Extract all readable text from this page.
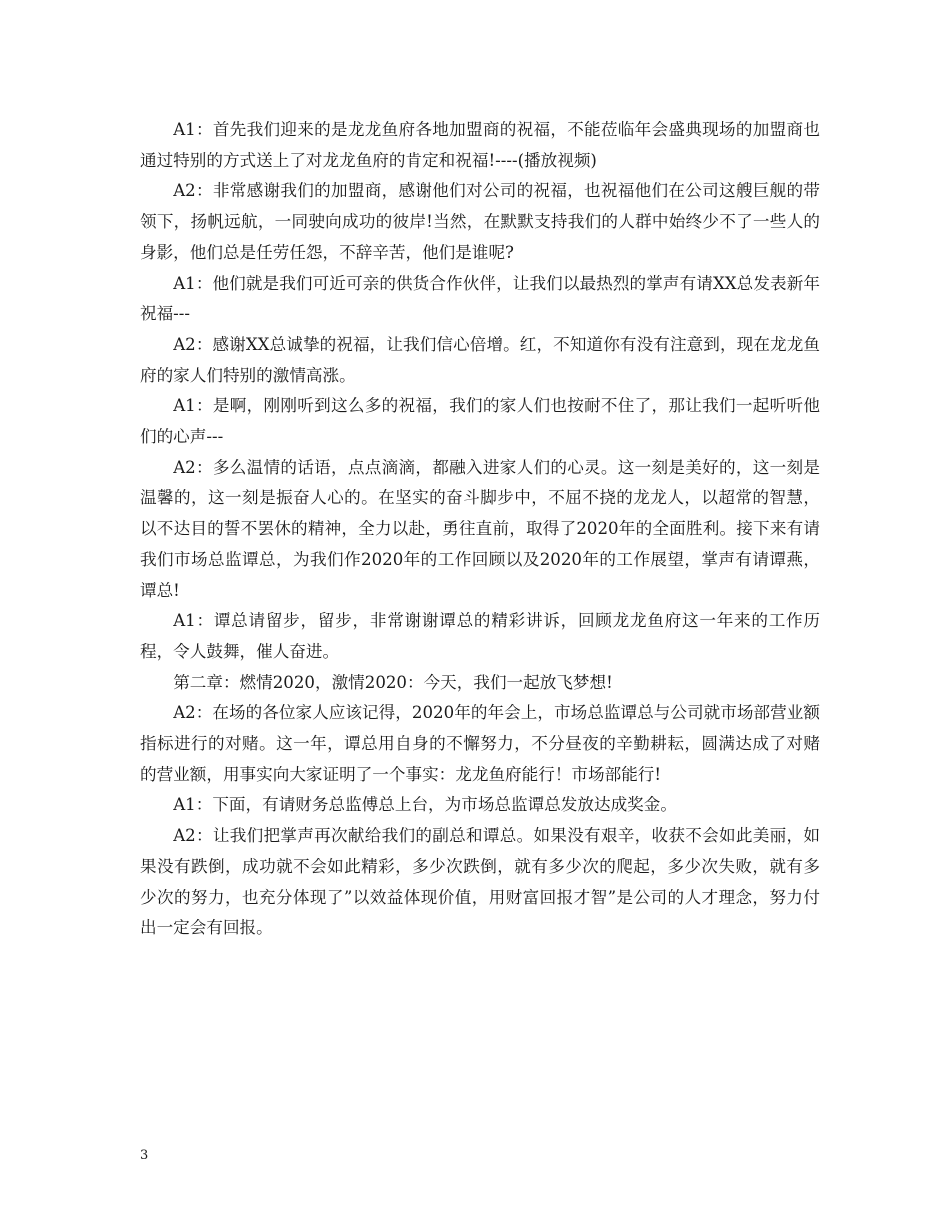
A1：首先我们迎来的是龙龙鱼府各地加盟商的祝福，不能莅临年会盛典现场的加盟商也通过特别的方式送上了对龙龙鱼府的肯定和祝福!----(播放视频)

A2：非常感谢我们的加盟商，感谢他们对公司的祝福，也祝福他们在公司这艘巨舰的带领下，扬帆远航，一同驶向成功的彼岸!当然，在默默支持我们的人群中始终少不了一些人的身影，他们总是任劳任怨，不辞辛苦，他们是谁呢?

A1：他们就是我们可近可亲的供货合作伙伴，让我们以最热烈的掌声有请XX总发表新年祝福---

A2：感谢XX总诚挚的祝福，让我们信心倍增。红，不知道你有没有注意到，现在龙龙鱼府的家人们特别的激情高涨。

A1：是啊，刚刚听到这么多的祝福，我们的家人们也按耐不住了，那让我们一起听听他们的心声---

A2：多么温情的话语，点点滴滴，都融入进家人们的心灵。这一刻是美好的，这一刻是温馨的，这一刻是振奋人心的。在坚实的奋斗脚步中，不屈不挠的龙龙人，以超常的智慧，以不达目的誓不罢休的精神，全力以赴，勇往直前，取得了2020年的全面胜利。接下来有请我们市场总监谭总，为我们作2020年的工作回顾以及2020年的工作展望，掌声有请谭燕，谭总!

A1：谭总请留步，留步，非常谢谢谭总的精彩讲诉，回顾龙龙鱼府这一年来的工作历程，令人鼓舞，催人奋进。

第二章：燃情2020，激情2020：今天，我们一起放飞梦想!

A2：在场的各位家人应该记得，2020年的年会上，市场总监谭总与公司就市场部营业额指标进行的对赌。这一年，谭总用自身的不懈努力，不分昼夜的辛勤耕耘，圆满达成了对赌的营业额，用事实向大家证明了一个事实：龙龙鱼府能行！市场部能行!

A1：下面，有请财务总监傅总上台，为市场总监谭总发放达成奖金。

A2：让我们把掌声再次献给我们的副总和谭总。如果没有艰辛，收获不会如此美丽，如果没有跌倒，成功就不会如此精彩，多少次跌倒，就有多少次的爬起，多少次失败，就有多少次的努力，也充分体现了”以效益体现价值，用财富回报才智”是公司的人才理念，努力付出一定会有回报。

3
